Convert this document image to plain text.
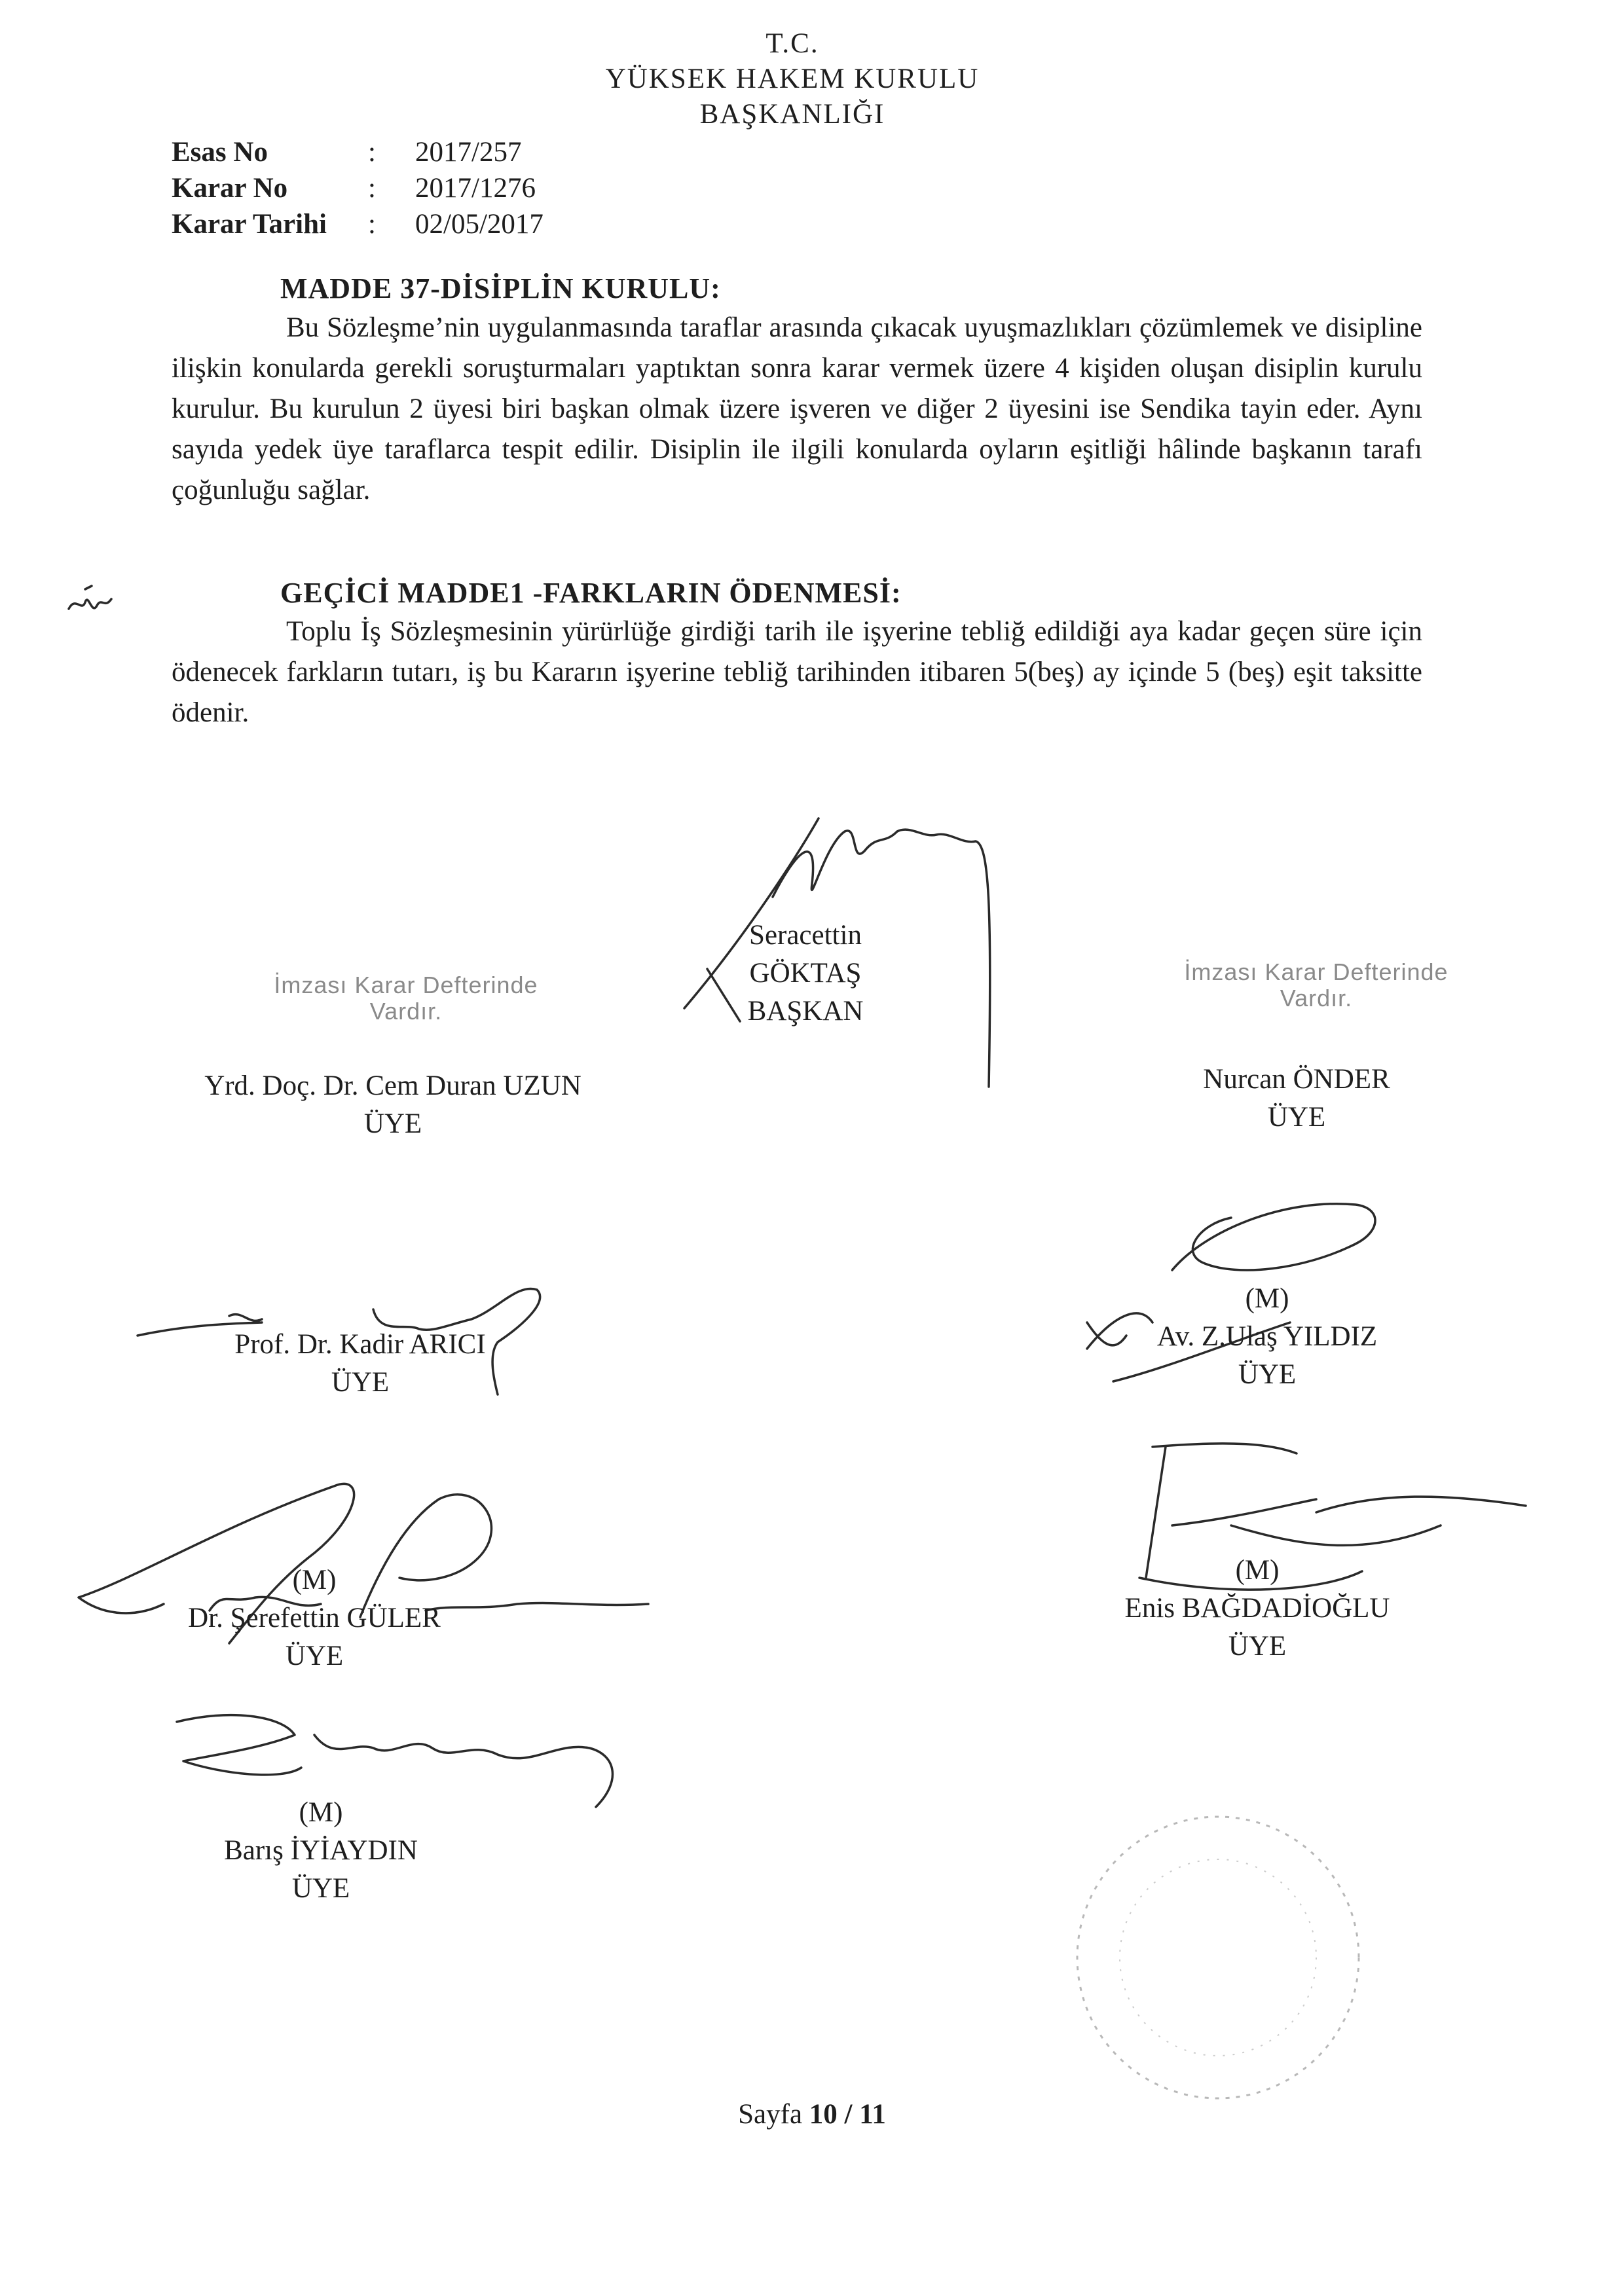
T.C.
YÜKSEK HAKEM KURULU
BAŞKANLIĞI
Esas No	: 2017/257
Karar No	: 2017/1276
Karar Tarihi : 02/05/2017
MADDE 37-DİSİPLİN KURULU:

Bu Sözleşme’nin uygulanmasında taraflar arasında çıkacak uyuşmazlıkları çözümlemek ve disipline ilişkin konularda gerekli soruşturmaları yaptıktan sonra karar vermek üzere 4 kişiden oluşan disiplin kurulu kurulur. Bu kurulun 2 üyesi biri başkan olmak üzere işveren ve diğer 2 üyesini ise Sendika tayin eder. Aynı sayıda yedek üye taraflarca tespit edilir. Disiplin ile ilgili konularda oyların eşitliği hâlinde başkanın tarafı çoğunluğu sağlar.

GEÇİCİ MADDE1 -FARKLARIN ÖDENMESİ:

Toplu İş Sözleşmesinin yürürlüğe girdiği tarih ile işyerine tebliğ edildiği aya kadar geçen süre için ödenecek farkların tutarı, iş bu Kararın işyerine tebliğ tarihinden itibaren 5(beş) ay içinde 5 (beş) eşit taksitte ödenir.

Seracettin GÖKTAŞ
BAŞKAN
İmzası Karar Defterinde
Vardır.
Yrd. Doç. Dr. Cem Duran UZUN
ÜYE
İmzası Karar Defterinde
Vardır.
Nurcan ÖNDER
ÜYE
Prof. Dr. Kadir ARICI
ÜYE
(M)
Av. Z.Ulaş YILDIZ
ÜYE
(M)
Dr. Şerefettin GÜLER
ÜYE
(M)
Enis BAĞDADİOĞLU
ÜYE
(M)
Barış İYİAYDIN
ÜYE
Sayfa 10 / 11
